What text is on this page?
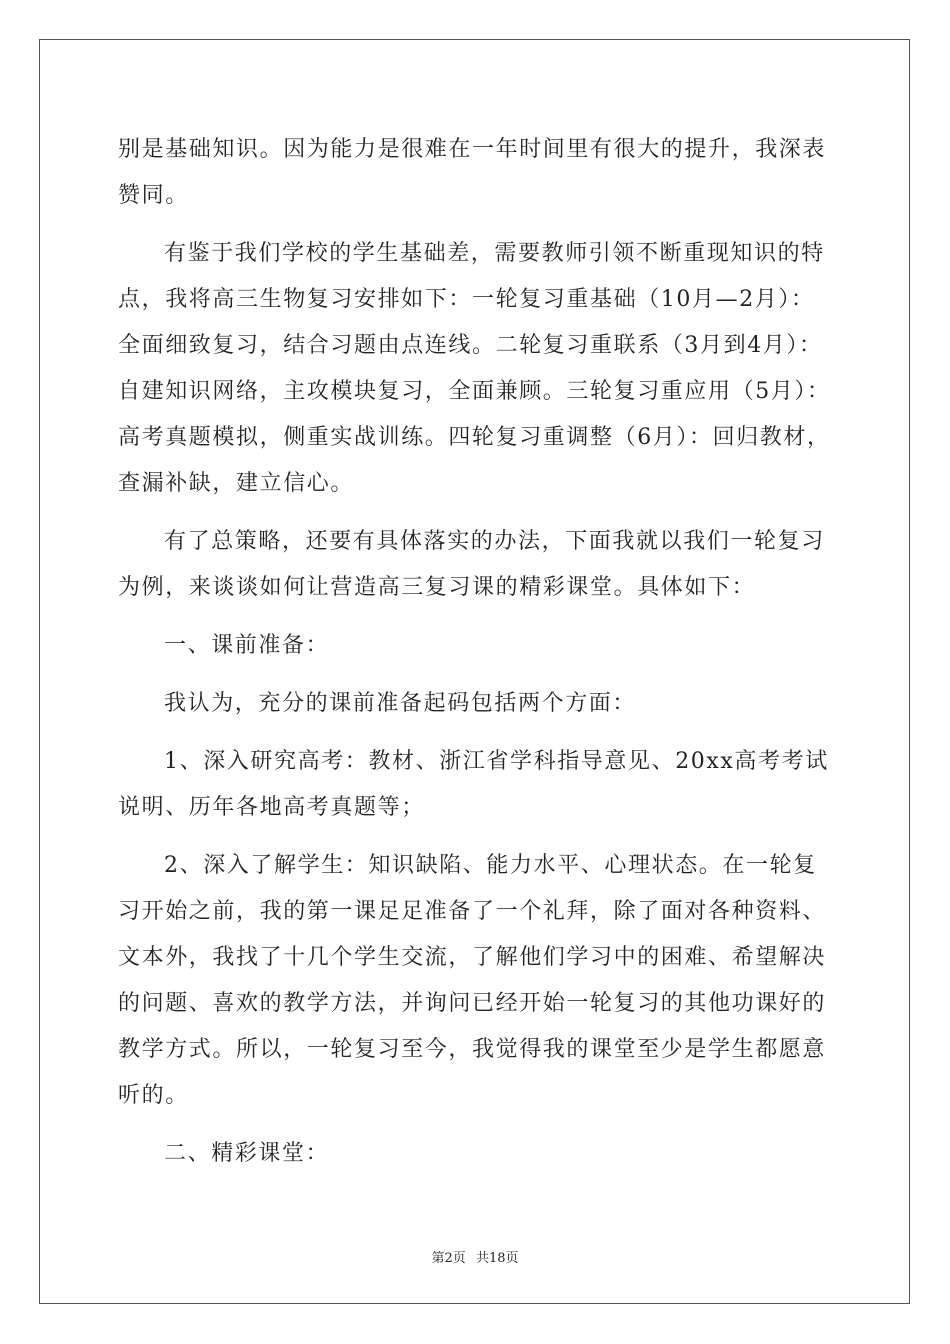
别是基础知识。因为能力是很难在一年时间里有很大的提升，我深表
赞同。
有鉴于我们学校的学生基础差，需要教师引领不断重现知识的特
点，我将高三生物复习安排如下：一轮复习重基础（10月—2月）：
全面细致复习，结合习题由点连线。二轮复习重联系（3月到4月）：
自建知识网络，主攻模块复习，全面兼顾。三轮复习重应用（5月）：
高考真题模拟，侧重实战训练。四轮复习重调整（6月）：回归教材，
查漏补缺，建立信心。
有了总策略，还要有具体落实的办法，下面我就以我们一轮复习
为例，来谈谈如何让营造高三复习课的精彩课堂。具体如下：
一、课前准备：
我认为，充分的课前准备起码包括两个方面：
1、深入研究高考：教材、浙江省学科指导意见、20xx高考考试
说明、历年各地高考真题等；
2、深入了解学生：知识缺陷、能力水平、心理状态。在一轮复
习开始之前，我的第一课足足准备了一个礼拜，除了面对各种资料、
文本外，我找了十几个学生交流，了解他们学习中的困难、希望解决
的问题、喜欢的教学方法，并询问已经开始一轮复习的其他功课好的
教学方式。所以，一轮复习至今，我觉得我的课堂至少是学生都愿意
听的。
二、精彩课堂：
第2页 共18页
